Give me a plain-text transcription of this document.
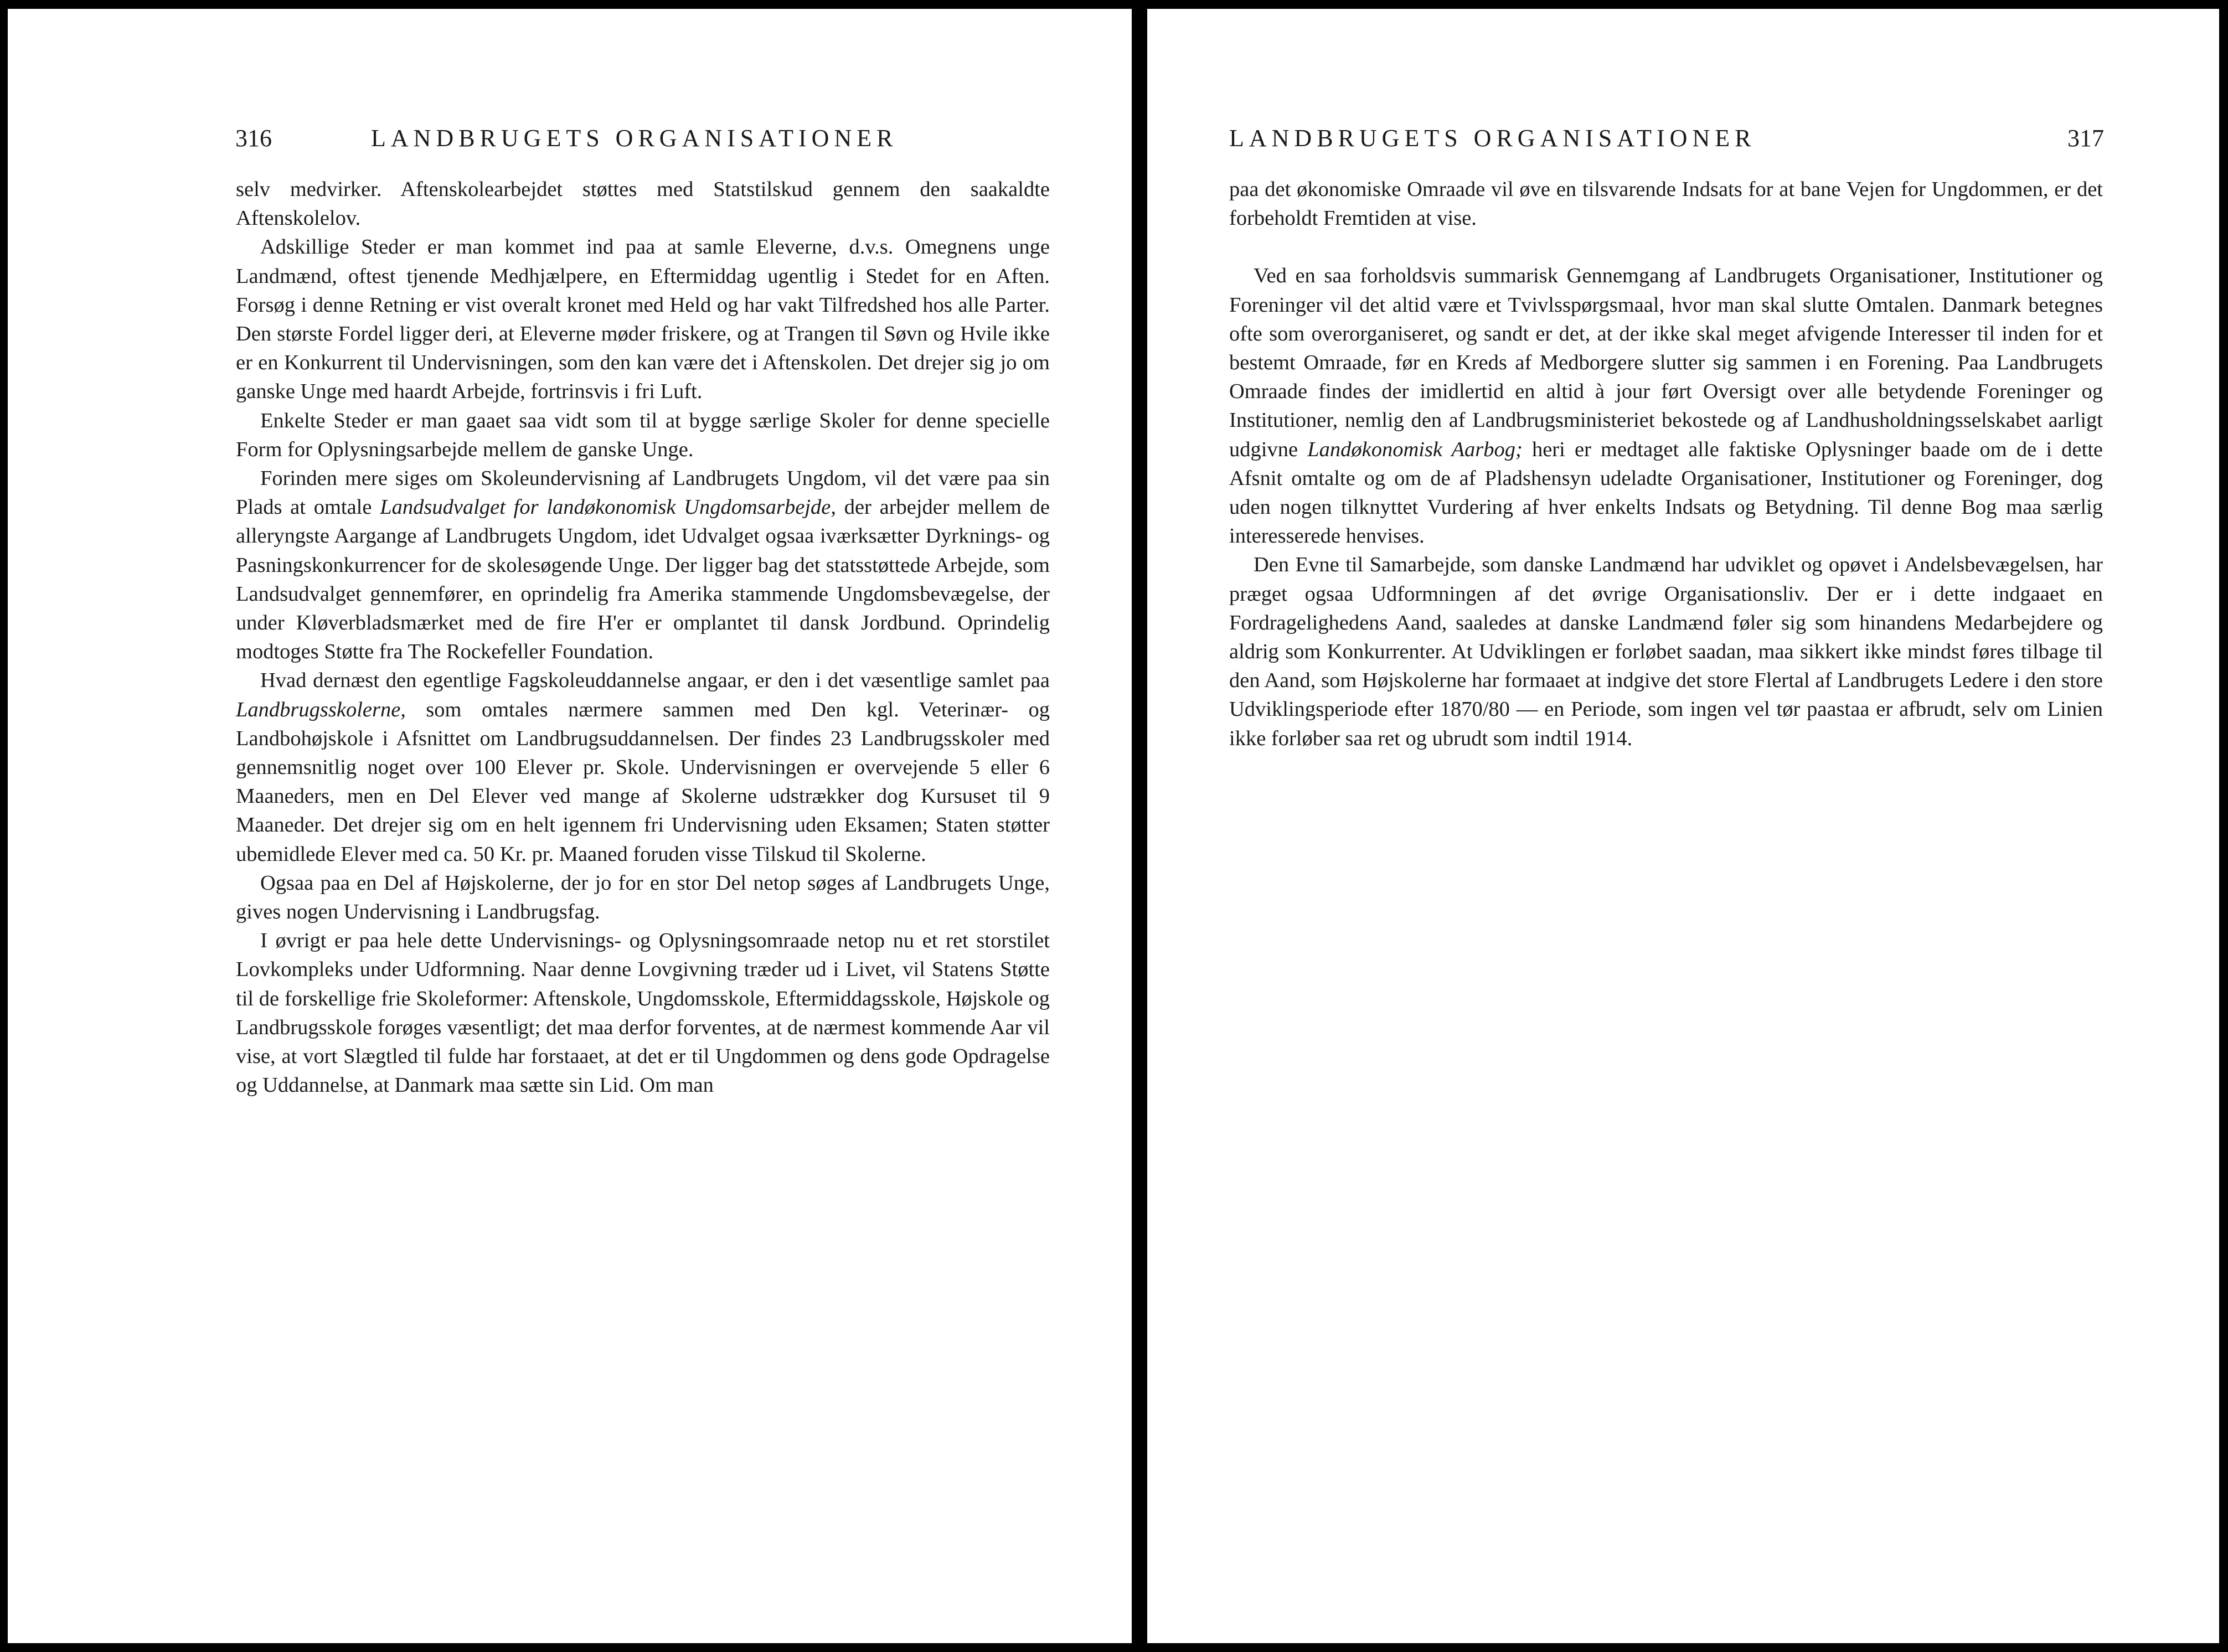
316	LANDBRUGETS ORGANISATIONER

selv medvirker. Aftenskolearbejdet støttes med Statstilskud gennem den saakaldte Aftenskolelov.

Adskillige Steder er man kommet ind paa at samle Eleverne, d.v.s. Omegnens unge Landmænd, oftest tjenende Medhjælpere, en Eftermiddag ugentlig i Stedet for en Aften. Forsøg i denne Retning er vist overalt kronet med Held og har vakt Tilfredshed hos alle Parter. Den største Fordel ligger deri, at Eleverne møder friskere, og at Trangen til Søvn og Hvile ikke er en Konkurrent til Undervisningen, som den kan være det i Aftenskolen. Det drejer sig jo om ganske Unge med haardt Arbejde, fortrinsvis i fri Luft.

Enkelte Steder er man gaaet saa vidt som til at bygge særlige Skoler for denne specielle Form for Oplysningsarbejde mellem de ganske Unge.

Forinden mere siges om Skoleundervisning af Landbrugets Ungdom, vil det være paa sin Plads at omtale Landsudvalget for landøkonomisk Ungdomsarbejde, der arbejder mellem de alleryngste Aargange af Landbrugets Ungdom, idet Udvalget ogsaa iværksætter Dyrknings- og Pasningskonkurrencer for de skolesøgende Unge. Der ligger bag det statsstøttede Arbejde, som Landsudvalget gennemfører, en oprindelig fra Amerika stammende Ungdomsbevægelse, der under Kløverbladsmærket med de fire H'er er omplantet til dansk Jordbund. Oprindelig modtoges Støtte fra The Rockefeller Foundation.

Hvad dernæst den egentlige Fagskoleuddannelse angaar, er den i det væsentlige samlet paa Landbrugsskolerne, som omtales nærmere sammen med Den kgl. Veterinær- og Landbohøjskole i Afsnittet om Landbrugsuddannelsen. Der findes 23 Landbrugsskoler med gennemsnitlig noget over 100 Elever pr. Skole. Undervisningen er overvejende 5 eller 6 Maaneders, men en Del Elever ved mange af Skolerne udstrækker dog Kursuset til 9 Maaneder. Det drejer sig om en helt igennem fri Undervisning uden Eksamen; Staten støtter ubemidlede Elever med ca. 50 Kr. pr. Maaned foruden visse Tilskud til Skolerne.

Ogsaa paa en Del af Højskolerne, der jo for en stor Del netop søges af Landbrugets Unge, gives nogen Undervisning i Landbrugsfag.

I øvrigt er paa hele dette Undervisnings- og Oplysningsomraade netop nu et ret storstilet Lovkompleks under Udformning. Naar denne Lovgivning træder ud i Livet, vil Statens Støtte til de forskellige frie Skoleformer: Aftenskole, Ungdomsskole, Eftermiddagsskole, Højskole og Landbrugsskole forøges væsentligt; det maa derfor forventes, at de nærmest kommende Aar vil vise, at vort Slægtled til fulde har forstaaet, at det er til Ungdommen og dens gode Opdragelse og Uddannelse, at Danmark maa sætte sin Lid. Om man

LANDBRUGETS ORGANISATIONER	317

paa det økonomiske Omraade vil øve en tilsvarende Indsats for at bane Vejen for Ungdommen, er det forbeholdt Fremtiden at vise.

Ved en saa forholdsvis summarisk Gennemgang af Landbrugets Organisationer, Institutioner og Foreninger vil det altid være et Tvivlsspørgsmaal, hvor man skal slutte Omtalen. Danmark betegnes ofte som overorganiseret, og sandt er det, at der ikke skal meget afvigende Interesser til inden for et bestemt Omraade, før en Kreds af Medborgere slutter sig sammen i en Forening. Paa Landbrugets Omraade findes der imidlertid en altid à jour ført Oversigt over alle betydende Foreninger og Institutioner, nemlig den af Landbrugsministeriet bekostede og af Landhusholdningsselskabet aarligt udgivne Landøkonomisk Aarbog; heri er medtaget alle faktiske Oplysninger baade om de i dette Afsnit omtalte og om de af Pladshensyn udeladte Organisationer, Institutioner og Foreninger, dog uden nogen tilknyttet Vurdering af hver enkelts Indsats og Betydning. Til denne Bog maa særlig interesserede henvises.

Den Evne til Samarbejde, som danske Landmænd har udviklet og opøvet i Andelsbevægelsen, har præget ogsaa Udformningen af det øvrige Organisationsliv. Der er i dette indgaaet en Fordragelighedens Aand, saaledes at danske Landmænd føler sig som hinandens Medarbejdere og aldrig som Konkurrenter. At Udviklingen er forløbet saadan, maa sikkert ikke mindst føres tilbage til den Aand, som Højskolerne har formaaet at indgive det store Flertal af Landbrugets Ledere i den store Udviklingsperiode efter 1870/80 — en Periode, som ingen vel tør paastaa er afbrudt, selv om Linien ikke forløber saa ret og ubrudt som indtil 1914.
